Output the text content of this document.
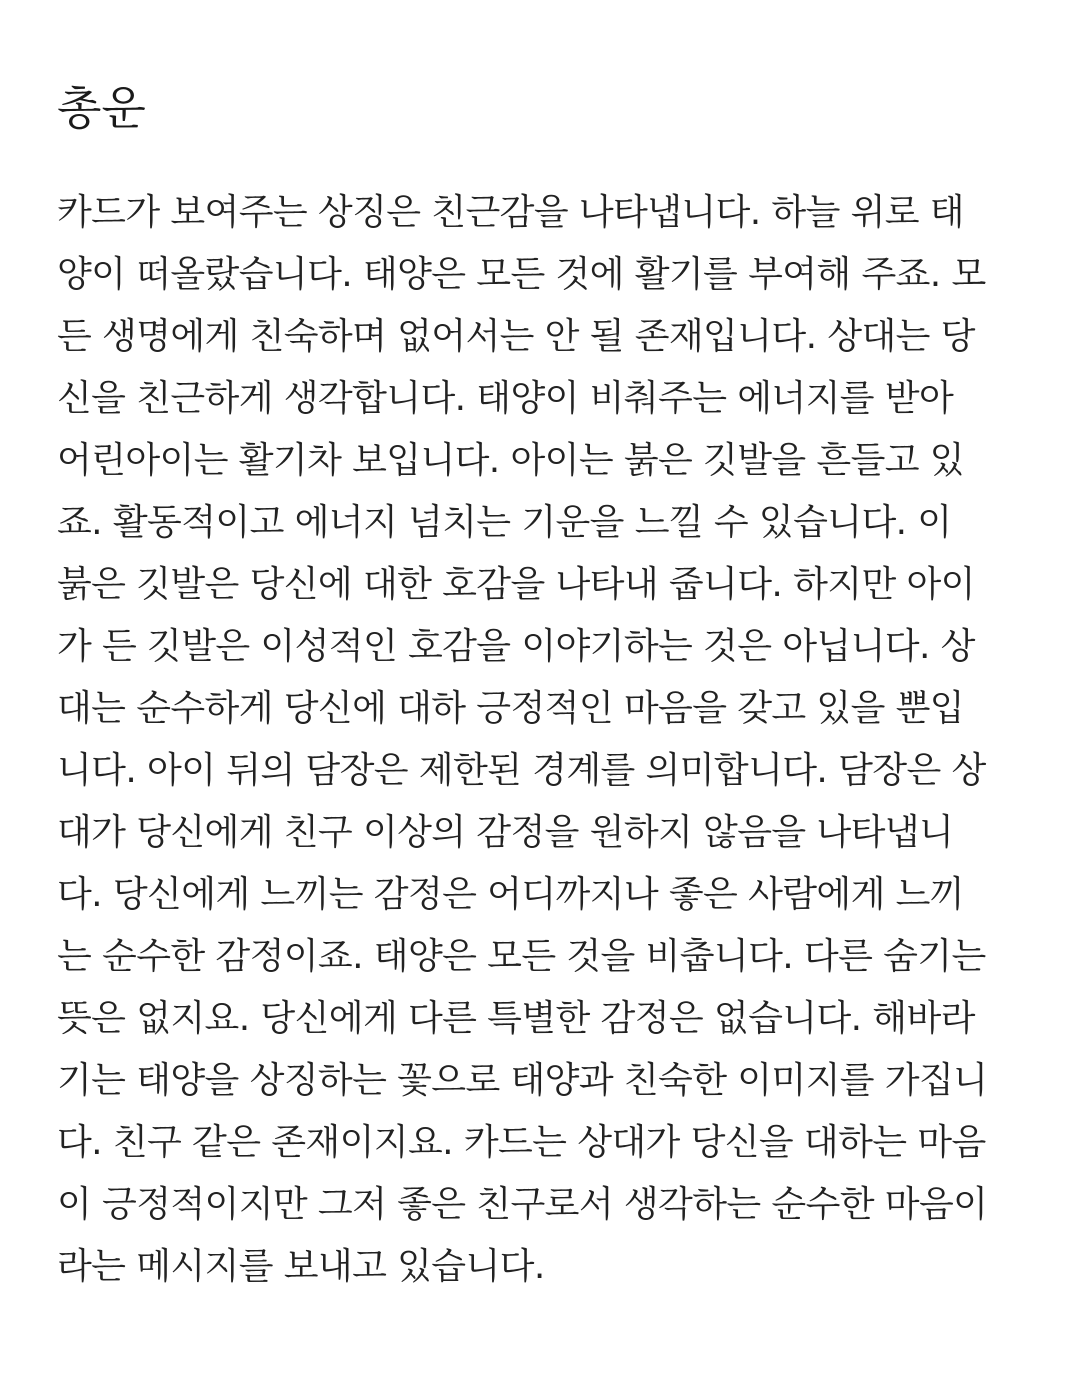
총운

카드가 보여주는 상징은 친근감을 나타냅니다. 하늘 위로 태
양이 떠올랐습니다. 태양은 모든 것에 활기를 부여해 주죠. 모
든 생명에게 친숙하며 없어서는 안 될 존재입니다. 상대는 당
신을 친근하게 생각합니다. 태양이 비춰주는 에너지를 받아
어린아이는 활기차 보입니다. 아이는 붉은 깃발을 흔들고 있
죠. 활동적이고 에너지 넘치는 기운을 느낄 수 있습니다. 이
붉은 깃발은 당신에 대한 호감을 나타내 줍니다. 하지만 아이
가 든 깃발은 이성적인 호감을 이야기하는 것은 아닙니다. 상
대는 순수하게 당신에 대하 긍정적인 마음을 갖고 있을 뿐입
니다. 아이 뒤의 담장은 제한된 경계를 의미합니다. 담장은 상
대가 당신에게 친구 이상의 감정을 원하지 않음을 나타냅니
다. 당신에게 느끼는 감정은 어디까지나 좋은 사람에게 느끼
는 순수한 감정이죠. 태양은 모든 것을 비춥니다. 다른 숨기는
뜻은 없지요. 당신에게 다른 특별한 감정은 없습니다. 해바라
기는 태양을 상징하는 꽃으로 태양과 친숙한 이미지를 가집니
다. 친구 같은 존재이지요. 카드는 상대가 당신을 대하는 마음
이 긍정적이지만 그저 좋은 친구로서 생각하는 순수한 마음이
라는 메시지를 보내고 있습니다.
